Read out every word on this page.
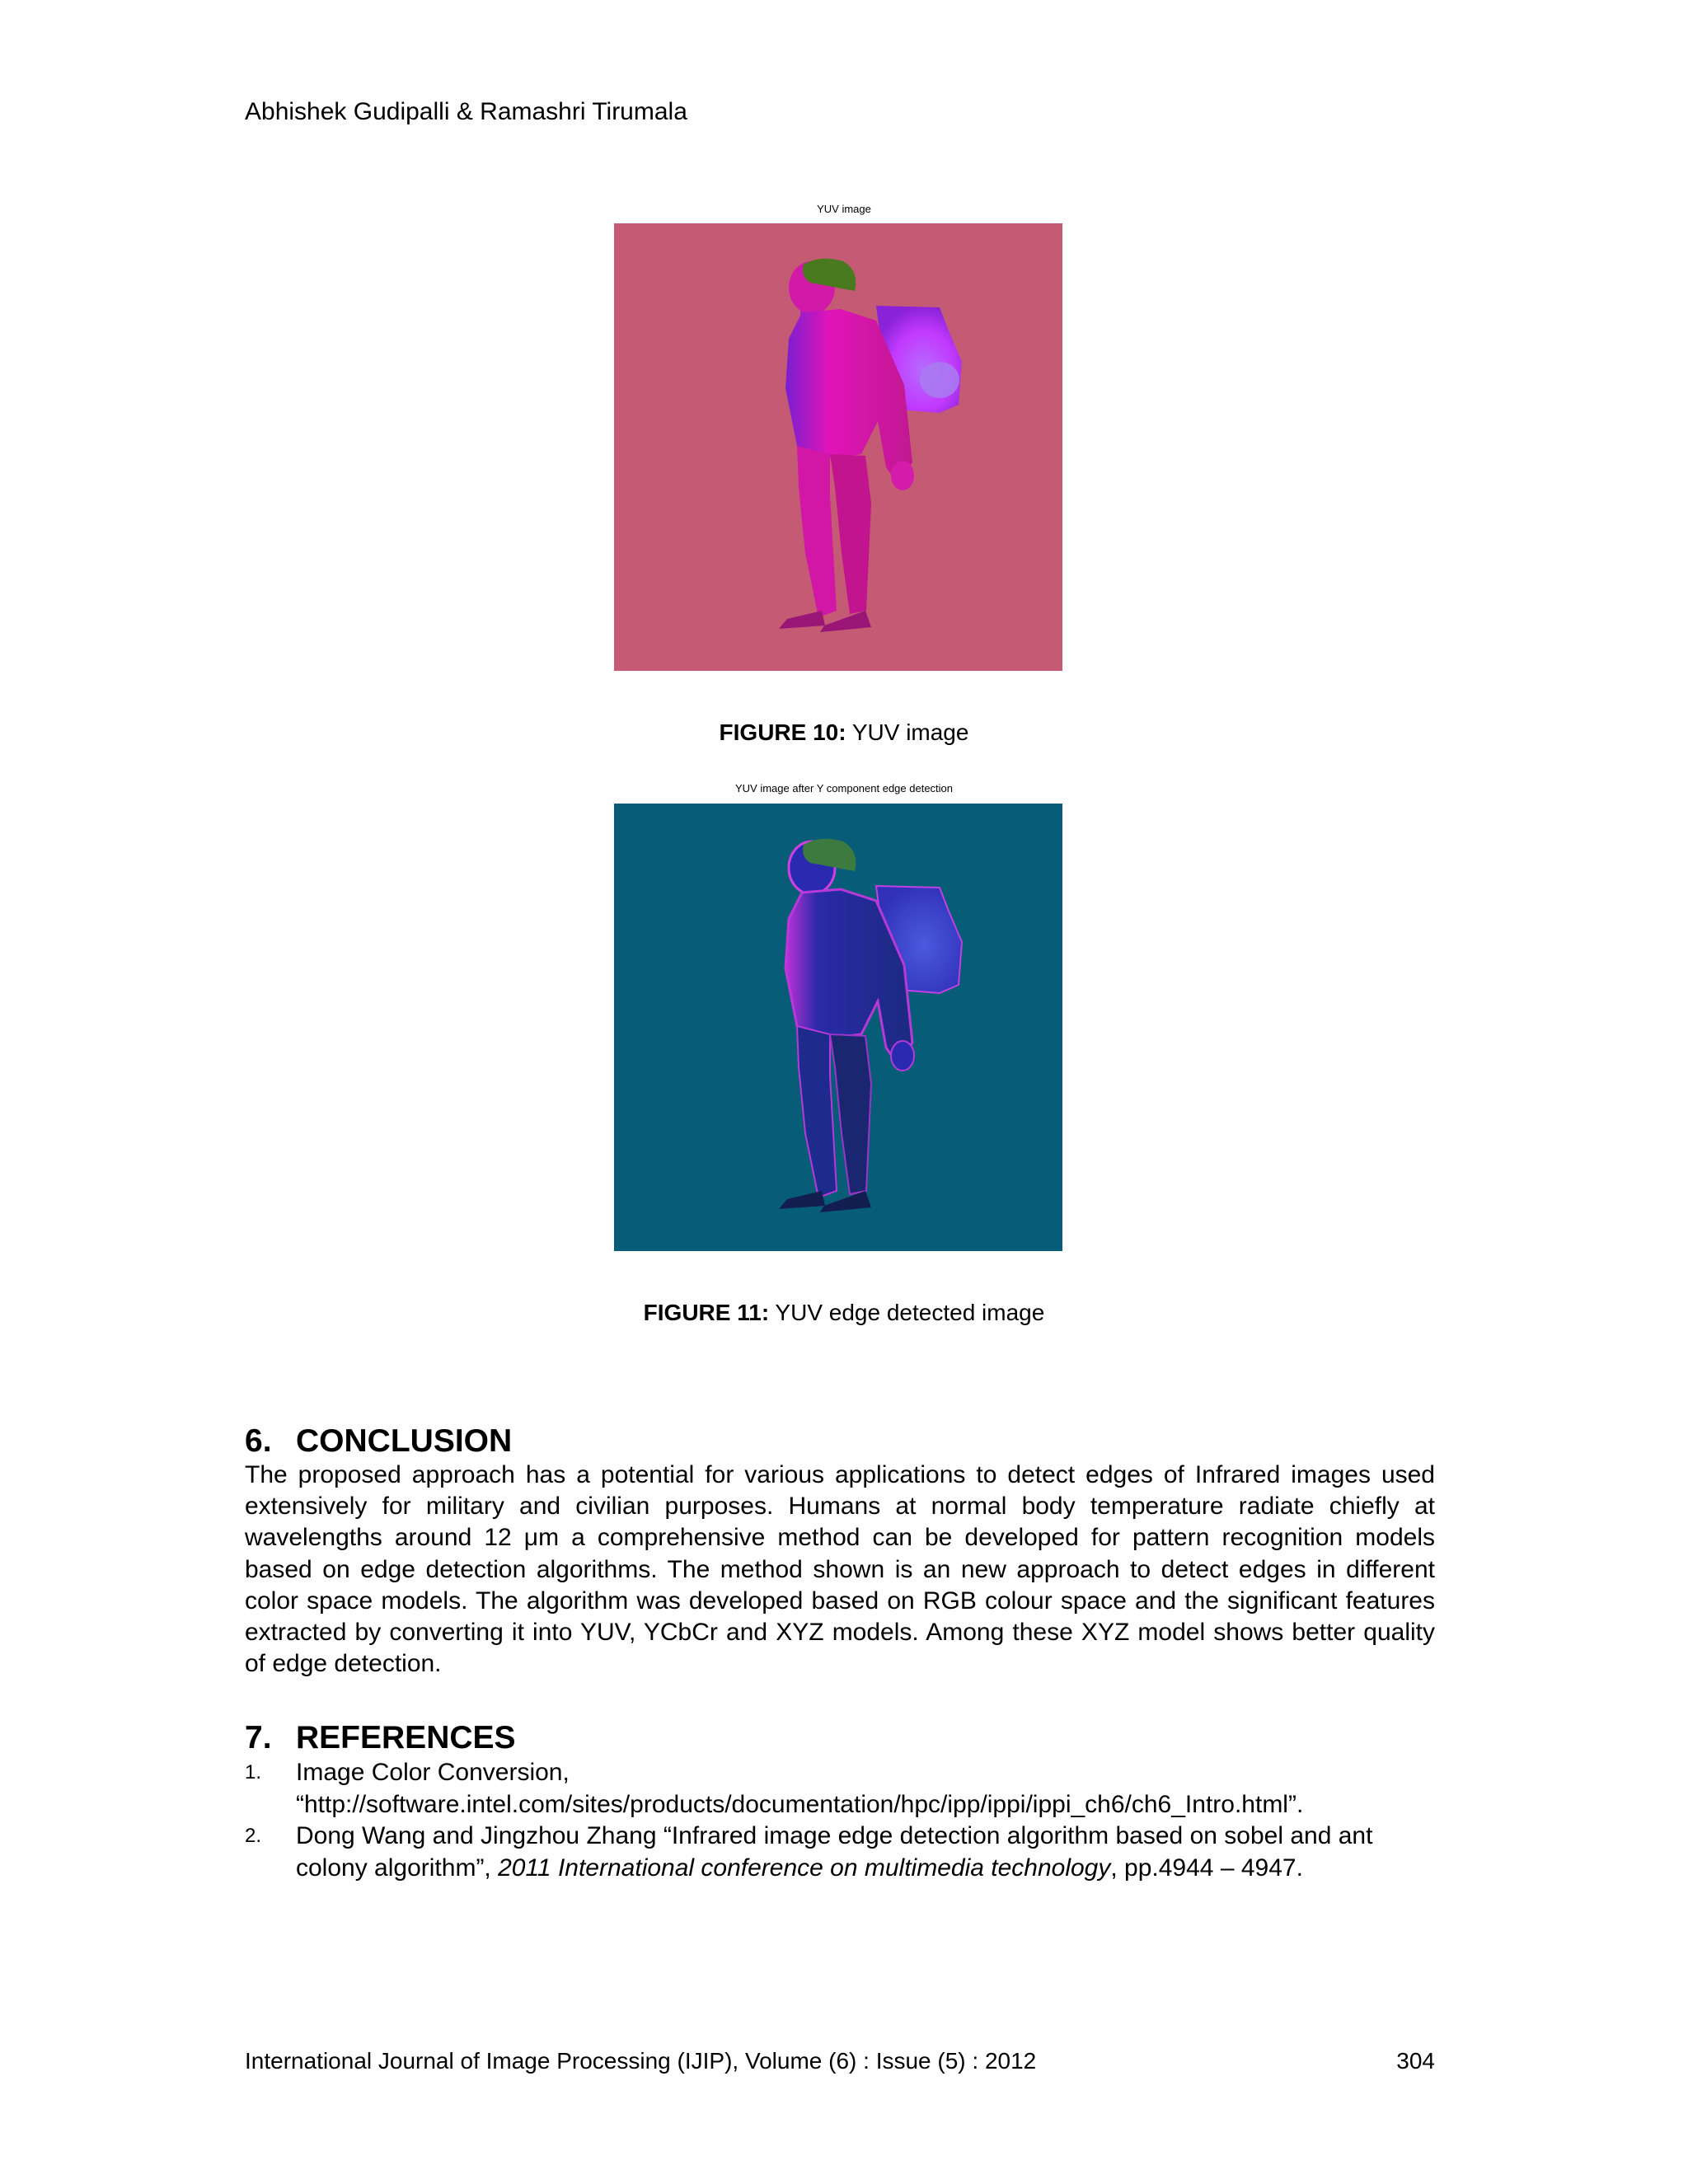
Abhishek Gudipalli & Ramashri Tirumala
YUV image
FIGURE 10: YUV image
YUV image after Y component edge detection
FIGURE 11: YUV edge detected image
6. CONCLUSION
The proposed approach has a potential for various applications to detect edges of Infrared images used extensively for military and civilian purposes. Humans at normal body temperature radiate chiefly at wavelengths around 12 μm a comprehensive method can be developed for pattern recognition models based on edge detection algorithms. The method shown is an new approach to detect edges in different color space models. The algorithm was developed based on RGB colour space and the significant features extracted by converting it into YUV, YCbCr and XYZ models. Among these XYZ model shows better quality of edge detection.
7. REFERENCES
1. Image Color Conversion,
“http://software.intel.com/sites/products/documentation/hpc/ipp/ippi/ippi_ch6/ch6_Intro.html”.
2. Dong Wang and Jingzhou Zhang “Infrared image edge detection algorithm based on sobel and ant colony algorithm”, 2011 International conference on multimedia technology, pp.4944 – 4947.
International Journal of Image Processing (IJIP), Volume (6) : Issue (5) : 2012	304
